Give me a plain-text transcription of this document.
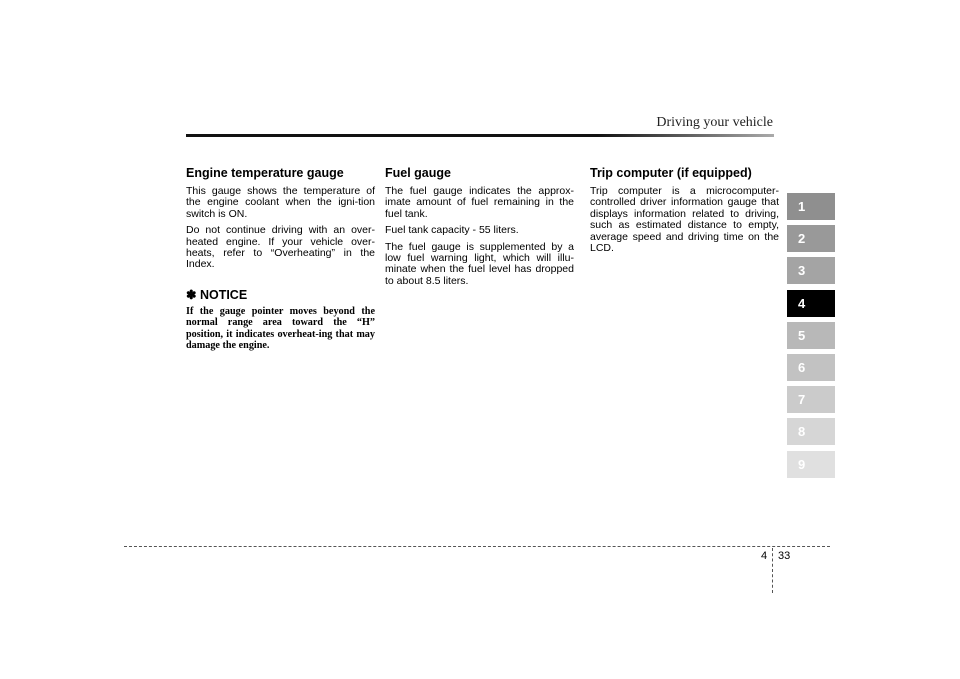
Driving your vehicle
Engine temperature gauge

This gauge shows the temperature of the engine coolant when the igni-tion switch is ON.

Do not continue driving with an over-heated engine. If your vehicle over-heats, refer to “Overheating” in the Index.

✽ NOTICE
If the gauge pointer moves beyond the normal range area toward the “H” position, it indicates overheat-ing that may damage the engine.
Fuel gauge

The fuel gauge indicates the approx-imate amount of fuel remaining in the fuel tank.

Fuel tank capacity - 55 liters.

The fuel gauge is supplemented by a low fuel warning light, which will illu-minate when the fuel level has dropped to about 8.5 liters.

Trip computer (if equipped)

Trip computer is a microcomputer-controlled driver information gauge that displays information related to driving, such as estimated distance to empty, average speed and driving time on the LCD.

1
2
3
4
5
6
7
8
9
4 33
